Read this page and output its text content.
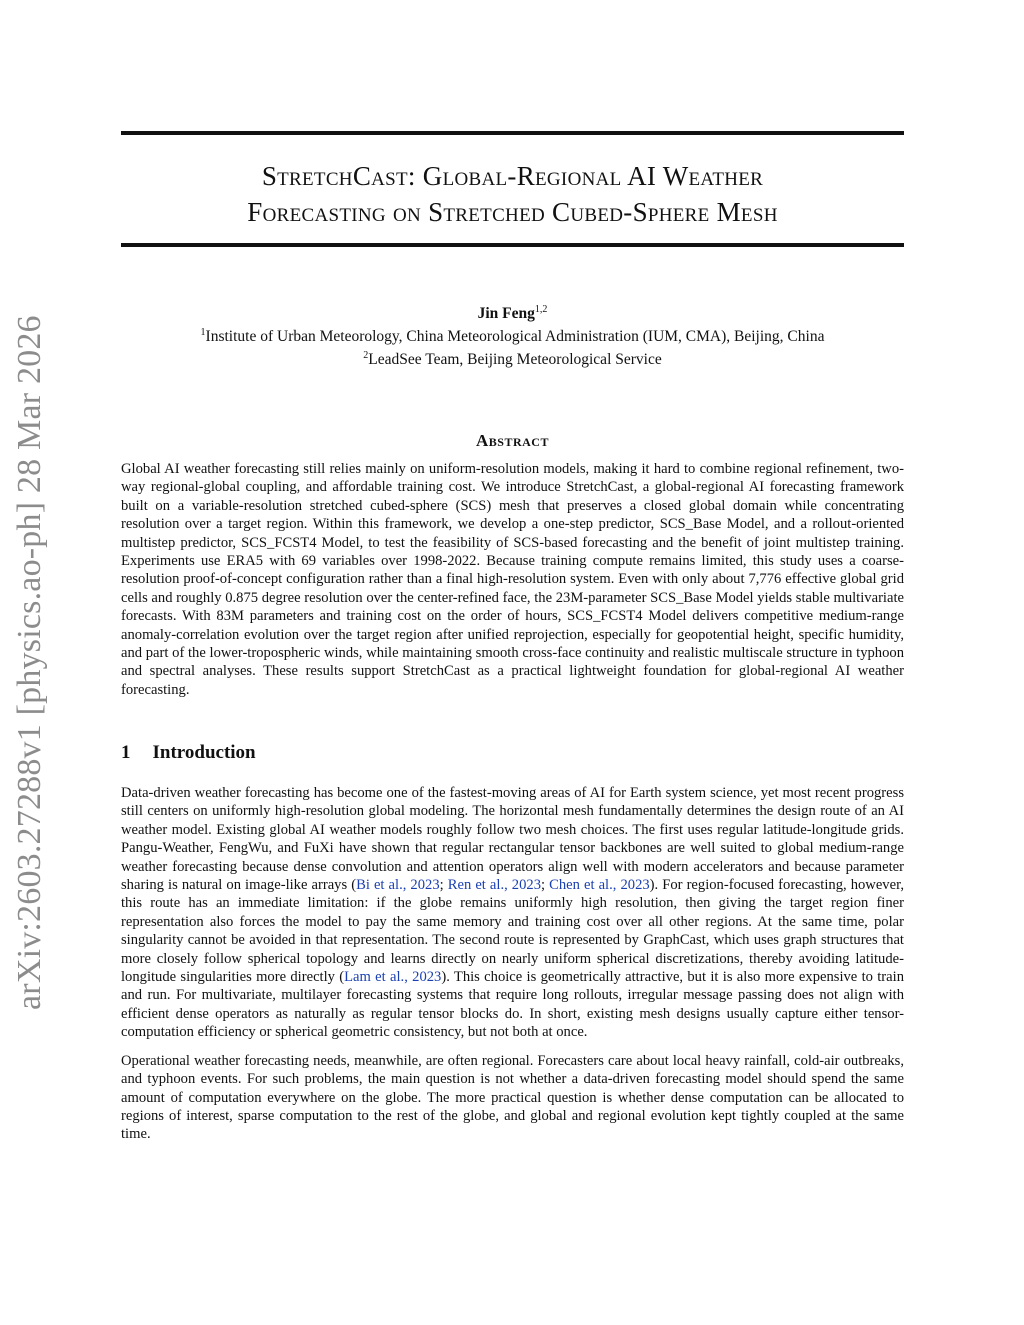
arXiv:2603.27288v1 [physics.ao-ph] 28 Mar 2026
StretchCast: Global-Regional AI Weather
Forecasting on Stretched Cubed-Sphere Mesh
Jin Feng$^{1,2}$
$^1$Institute of Urban Meteorology, China Meteorological Administration (IUM, CMA), Beijing, China
$^2$LeadSee Team, Beijing Meteorological Service
Abstract
Global AI weather forecasting still relies mainly on uniform-resolution models, making it hard to combine regional refinement, two-way regional-global coupling, and affordable training cost. We introduce StretchCast, a global-regional AI forecasting framework built on a variable-resolution stretched cubed-sphere (SCS) mesh that preserves a closed global domain while concentrating resolution over a target region. Within this framework, we develop a one-step predictor, SCS_Base Model, and a rollout-oriented multistep predictor, SCS_FCST4 Model, to test the feasibility of SCS-based forecasting and the benefit of joint multistep training. Experiments use ERA5 with 69 variables over 1998-2022. Because training compute remains limited, this study uses a coarse-resolution proof-of-concept configuration rather than a final high-resolution system. Even with only about 7,776 effective global grid cells and roughly 0.875 degree resolution over the center-refined face, the 23M-parameter SCS_Base Model yields stable multivariate forecasts. With 83M parameters and training cost on the order of hours, SCS_FCST4 Model delivers competitive medium-range anomaly-correlation evolution over the target region after unified reprojection, especially for geopotential height, specific humidity, and part of the lower-tropospheric winds, while maintaining smooth cross-face continuity and realistic multiscale structure in typhoon and spectral analyses. These results support StretchCast as a practical lightweight foundation for global-regional AI weather forecasting.
1 Introduction

Data-driven weather forecasting has become one of the fastest-moving areas of AI for Earth system science, yet most recent progress still centers on uniformly high-resolution global modeling. The horizontal mesh fundamentally determines the design route of an AI weather model. Existing global AI weather models roughly follow two mesh choices. The first uses regular latitude-longitude grids. Pangu-Weather, FengWu, and FuXi have shown that regular rectangular tensor backbones are well suited to global medium-range weather forecasting because dense convolution and attention operators align well with modern accelerators and because parameter sharing is natural on image-like arrays (Bi et al., 2023; Ren et al., 2023; Chen et al., 2023). For region-focused forecasting, however, this route has an immediate limitation: if the globe remains uniformly high resolution, then giving the target region finer representation also forces the model to pay the same memory and training cost over all other regions. At the same time, polar singularity cannot be avoided in that representation. The second route is represented by GraphCast, which uses graph structures that more closely follow spherical topology and learns directly on nearly uniform spherical discretizations, thereby avoiding latitude-longitude singularities more directly (Lam et al., 2023). This choice is geometrically attractive, but it is also more expensive to train and run. For multivariate, multilayer forecasting systems that require long rollouts, irregular message passing does not align with efficient dense operators as naturally as regular tensor blocks do. In short, existing mesh designs usually capture either tensor-computation efficiency or spherical geometric consistency, but not both at once.

Operational weather forecasting needs, meanwhile, are often regional. Forecasters care about local heavy rainfall, cold-air outbreaks, and typhoon events. For such problems, the main question is not whether a data-driven forecasting model should spend the same amount of computation everywhere on the globe. The more practical question is whether dense computation can be allocated to regions of interest, sparse computation to the rest of the globe, and global and regional evolution kept tightly coupled at the same time.
